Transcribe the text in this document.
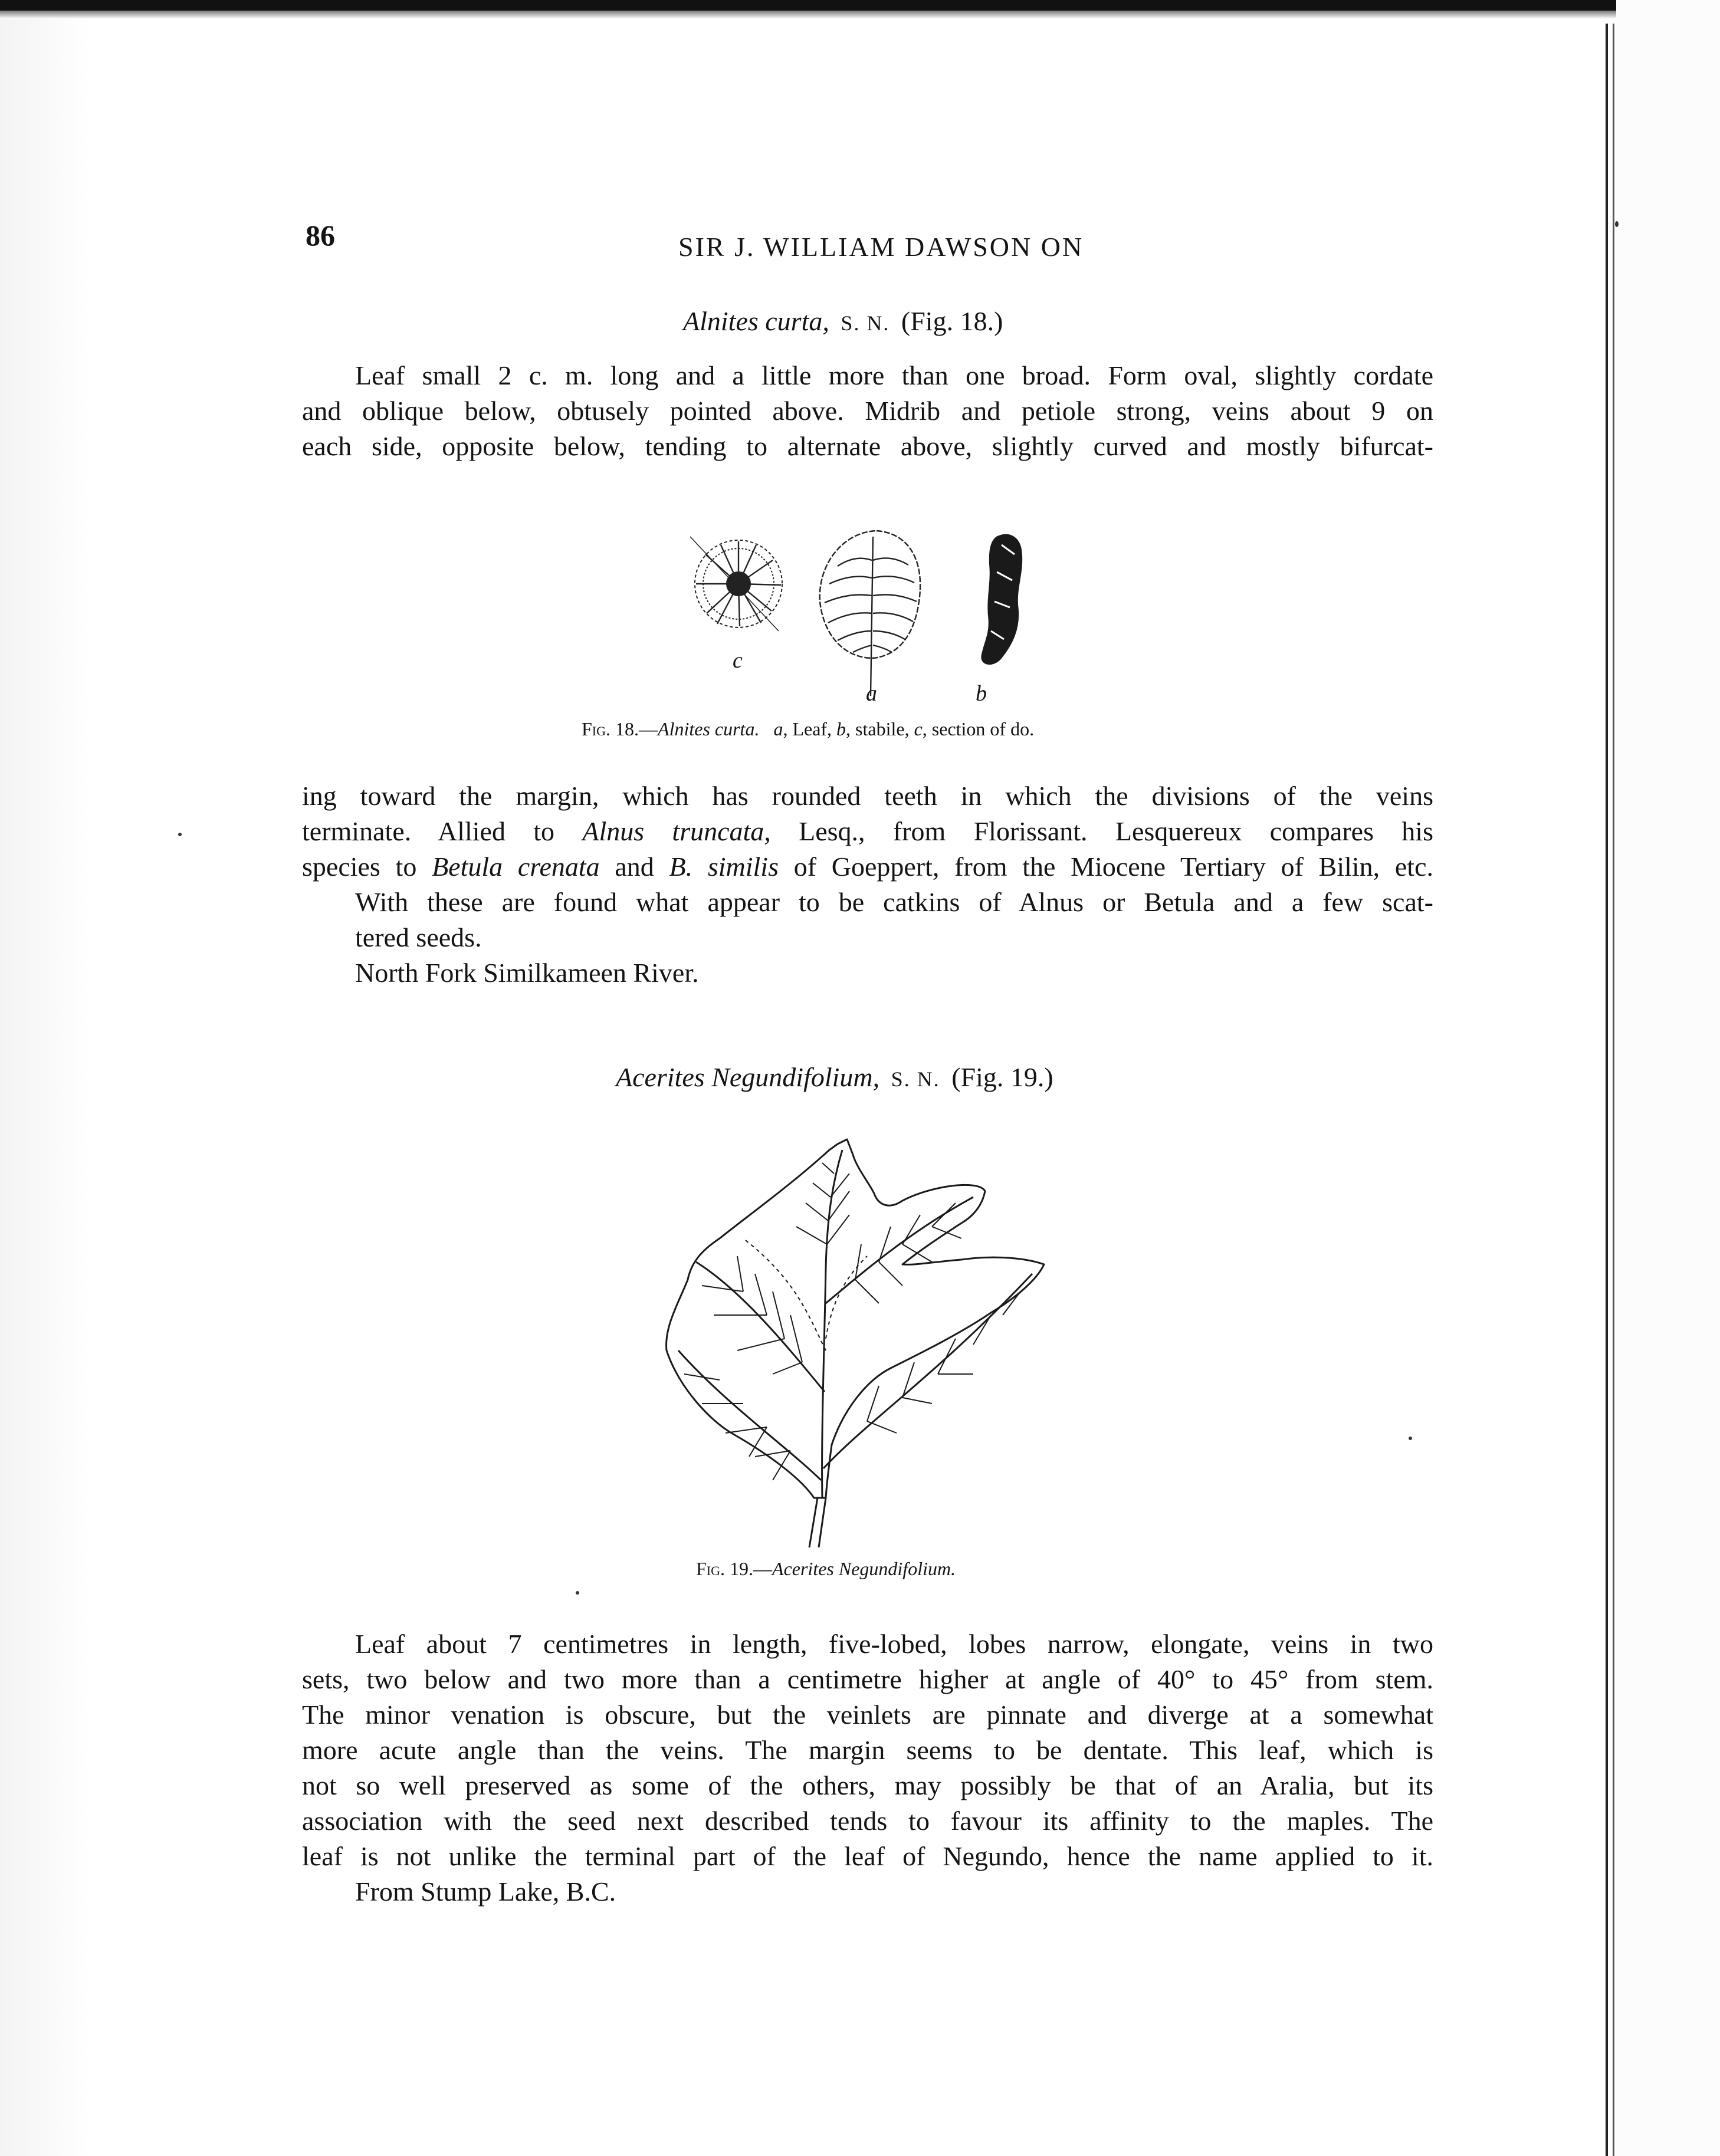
86	SIR J. WILLIAM DAWSON ON
Alnites curta, S. N. (Fig. 18.)
Leaf small 2 c. m. long and a little more than one broad. Form oval, slightly cordate
and oblique below, obtusely pointed above. Midrib and petiole strong, veins about 9 on
each side, opposite below, tending to alternate above, slightly curved and mostly bifurcat-
c
a	b
Fig. 18.—Alnites curta. a, Leaf, b, stabile, c, section of do.
ing toward the margin, which has rounded teeth in which the divisions of the veins
terminate. Allied to Alnus truncata, Lesq., from Florissant. Lesquereux compares his
species to Betula crenata and B. similis of Goeppert, from the Miocene Tertiary of Bilin, etc.
With these are found what appear to be catkins of Alnus or Betula and a few scat-
tered seeds.
North Fork Similkameen River.
Acerites Negundifolium, S. N. (Fig. 19.)
Fig. 19.—Acerites Negundifolium.
Leaf about 7 centimetres in length, five-lobed, lobes narrow, elongate, veins in two
sets, two below and two more than a centimetre higher at angle of 40° to 45° from stem.
The minor venation is obscure, but the veinlets are pinnate and diverge at a somewhat
more acute angle than the veins. The margin seems to be dentate. This leaf, which is
not so well preserved as some of the others, may possibly be that of an Aralia, but its
association with the seed next described tends to favour its affinity to the maples. The
leaf is not unlike the terminal part of the leaf of Negundo, hence the name applied to it.
From Stump Lake, B.C.
